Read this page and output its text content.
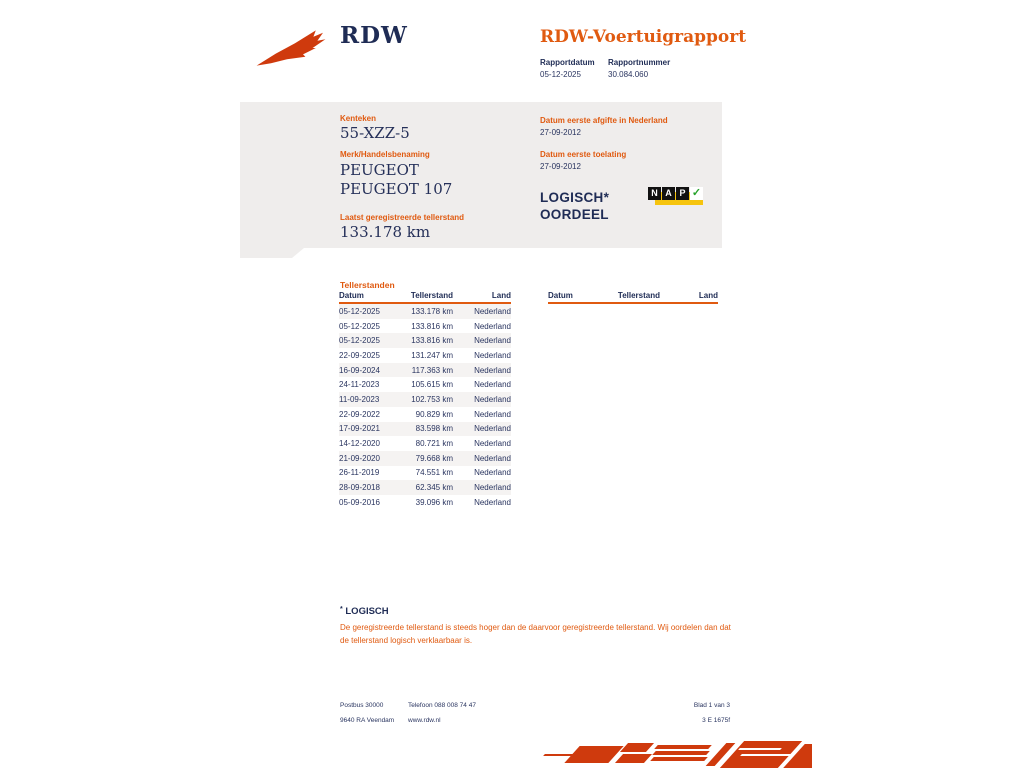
RDW	RDW-Voertuigrapport
Rapportdatum
05-12-2025
Rapportnummer
30.084.060
Kenteken
55-XZZ-5
Merk/Handelsbenaming
PEUGEOT PEUGEOT 107
Laatst geregistreerde tellerstand
133.178 km
Datum eerste afgifte in Nederland
27-09-2012
Datum eerste toelating
27-09-2012
LOGISCH*
OORDEEL
N A P ✓
Tellerstanden
Datum	Tellerstand	Land
05-12-2025	133.178 km	Nederland
05-12-2025	133.816 km	Nederland
05-12-2025	133.816 km	Nederland
22-09-2025	131.247 km	Nederland
16-09-2024	117.363 km	Nederland
24-11-2023	105.615 km	Nederland
11-09-2023	102.753 km	Nederland
22-09-2022	90.829 km	Nederland
17-09-2021	83.598 km	Nederland
14-12-2020	80.721 km	Nederland
21-09-2020	79.668 km	Nederland
26-11-2019	74.551 km	Nederland
28-09-2018	62.345 km	Nederland
05-09-2016	39.096 km	Nederland
Datum	Tellerstand	Land
* LOGISCH
De geregistreerde tellerstand is steeds hoger dan de daarvoor geregistreerde tellerstand. Wij oordelen dan dat de tellerstand logisch verklaarbaar is.
Postbus 30000
9640 RA Veendam
Telefoon 088 008 74 47
www.rdw.nl
Blad 1 van 3
3 E 1675f
